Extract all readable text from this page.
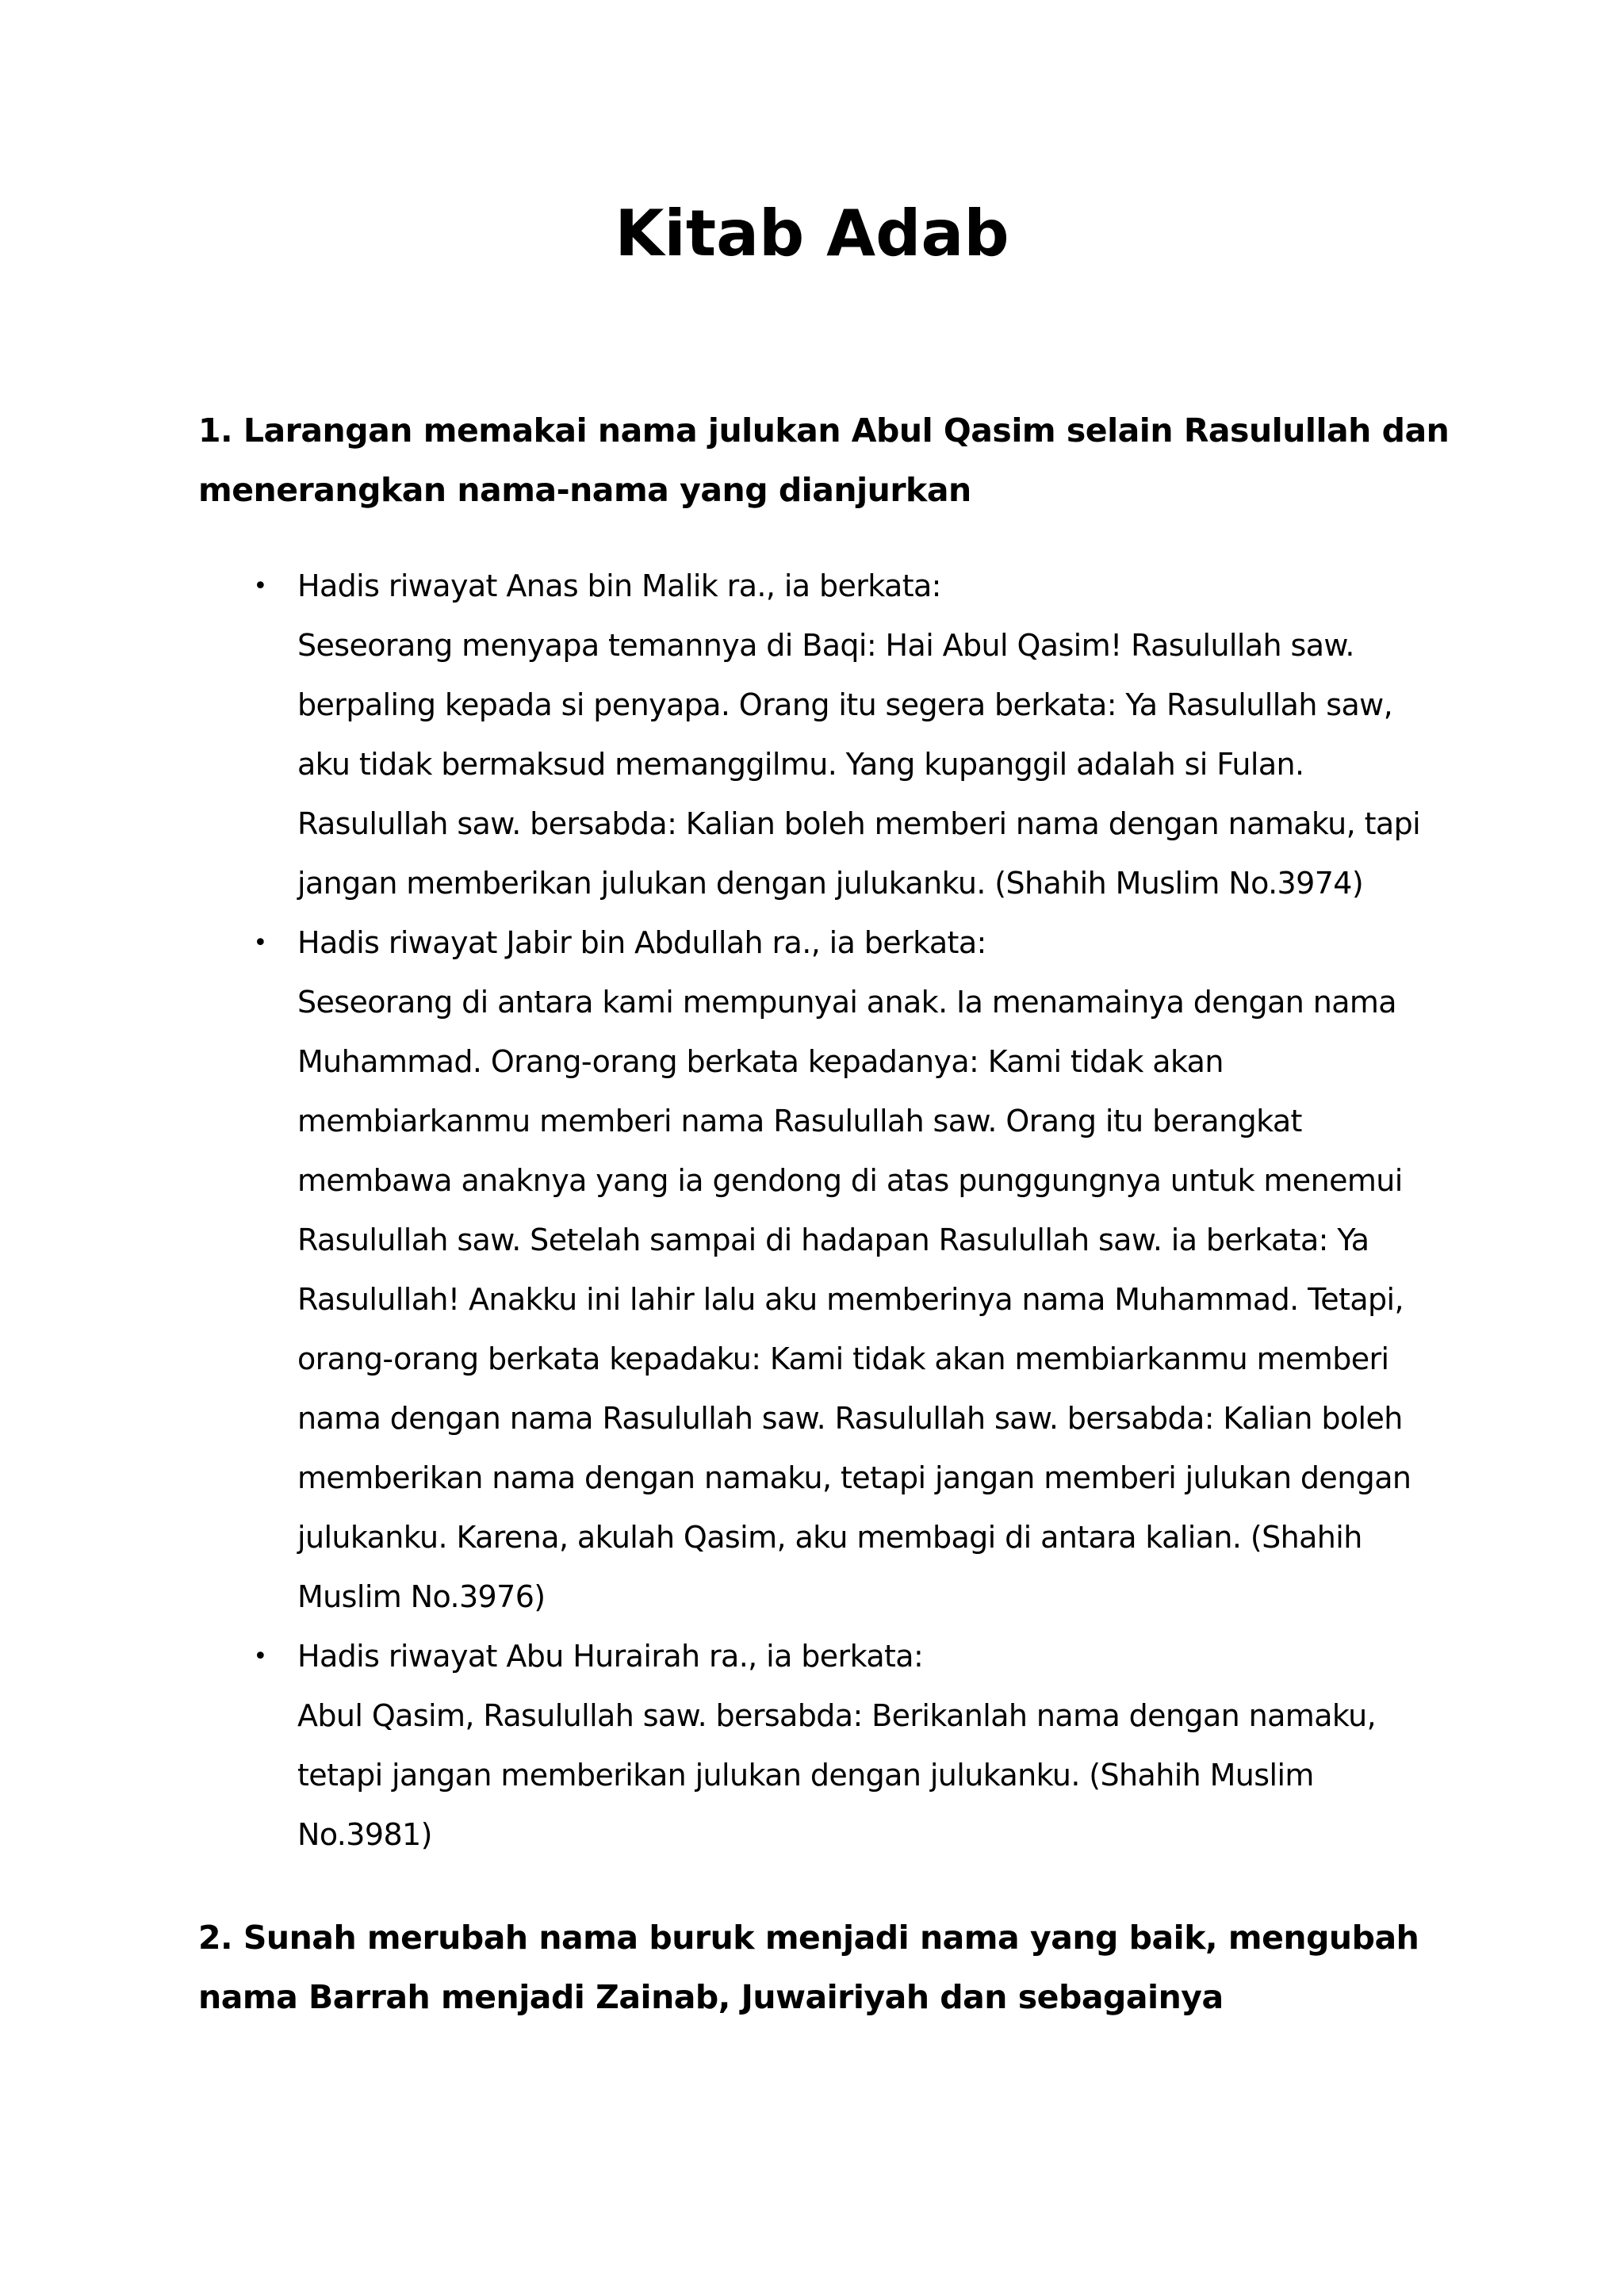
Kitab Adab
1. Larangan memakai nama julukan Abul Qasim selain Rasulullah dan menerangkan nama-nama yang dianjurkan
• Hadis riwayat Anas bin Malik ra., ia berkata:
Seseorang menyapa temannya di Baqi: Hai Abul Qasim! Rasulullah saw. berpaling kepada si penyapa. Orang itu segera berkata: Ya Rasulullah saw, aku tidak bermaksud memanggilmu. Yang kupanggil adalah si Fulan. Rasulullah saw. bersabda: Kalian boleh memberi nama dengan namaku, tapi jangan memberikan julukan dengan julukanku. (Shahih Muslim No.3974)
• Hadis riwayat Jabir bin Abdullah ra., ia berkata:
Seseorang di antara kami mempunyai anak. Ia menamainya dengan nama Muhammad. Orang-orang berkata kepadanya: Kami tidak akan membiarkanmu memberi nama Rasulullah saw. Orang itu berangkat membawa anaknya yang ia gendong di atas punggungnya untuk menemui Rasulullah saw. Setelah sampai di hadapan Rasulullah saw. ia berkata: Ya Rasulullah! Anakku ini lahir lalu aku memberinya nama Muhammad. Tetapi, orang-orang berkata kepadaku: Kami tidak akan membiarkanmu memberi nama dengan nama Rasulullah saw. Rasulullah saw. bersabda: Kalian boleh memberikan nama dengan namaku, tetapi jangan memberi julukan dengan julukanku. Karena, akulah Qasim, aku membagi di antara kalian. (Shahih Muslim No.3976)
• Hadis riwayat Abu Hurairah ra., ia berkata:
Abul Qasim, Rasulullah saw. bersabda: Berikanlah nama dengan namaku, tetapi jangan memberikan julukan dengan julukanku. (Shahih Muslim No.3981)
2. Sunah merubah nama buruk menjadi nama yang baik, mengubah nama Barrah menjadi Zainab, Juwairiyah dan sebagainya
